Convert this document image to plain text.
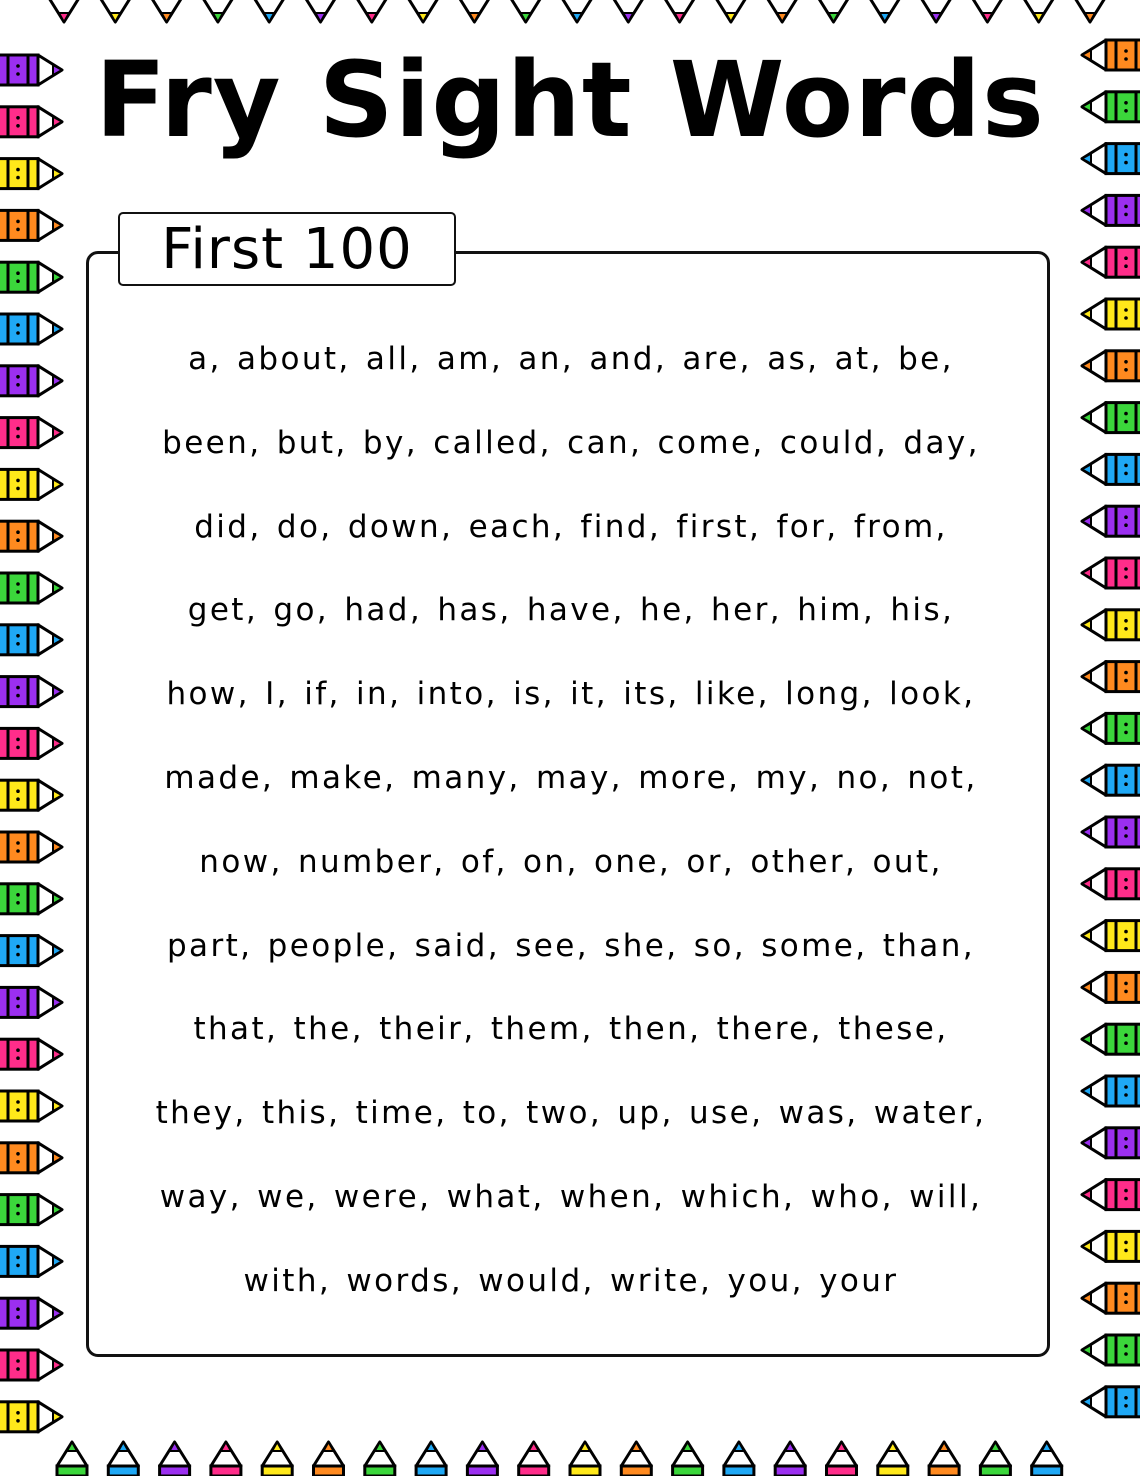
Fry Sight Words
First 100
a, about, all, am, an, and, are, as, at, be,
been, but, by, called, can, come, could, day,
did, do, down, each, find, first, for, from,
get, go, had, has, have, he, her, him, his,
how, I, if, in, into, is, it, its, like, long, look,
made, make, many, may, more, my, no, not,
now, number, of, on, one, or, other, out,
part, people, said, see, she, so, some, than,
that, the, their, them, then, there, these,
they, this, time, to, two, up, use, was, water,
way, we, were, what, when, which, who, will,
with, words, would, write, you, your
